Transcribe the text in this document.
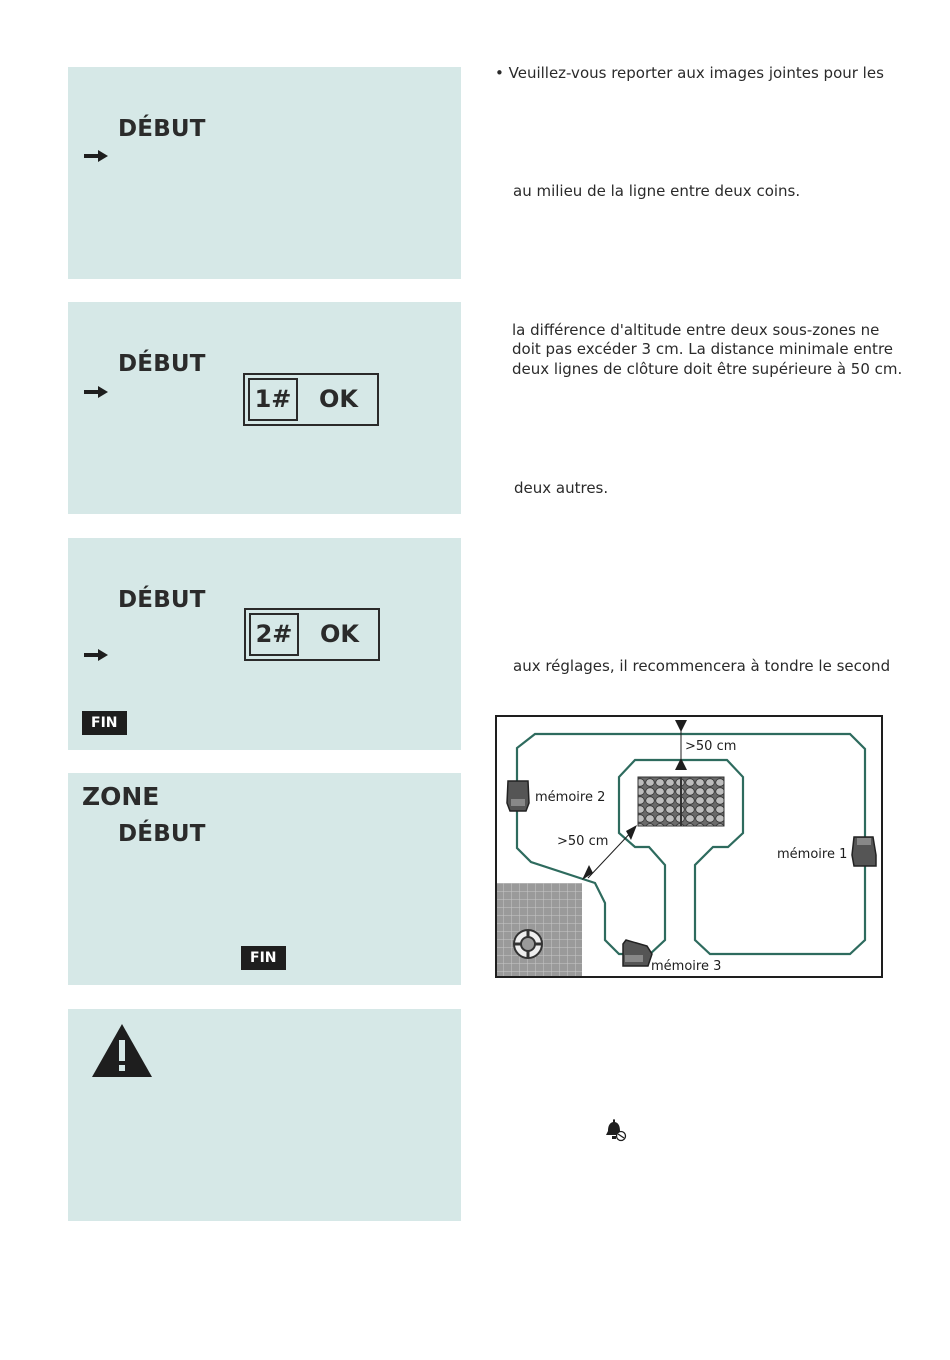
DÉBUT
DÉBUT
1# OK
DÉBUT
2# OK
FIN
ZONE
DÉBUT
FIN
• Veuillez-vous reporter aux images jointes pour les
au milieu de la ligne entre deux coins.
la différence d'altitude entre deux sous-zones ne
doit pas excéder 3 cm. La distance minimale entre
deux lignes de clôture doit être supérieure à 50 cm.
deux autres.
aux réglages, il recommencera à tondre le second
>50 cm
>50 cm
mémoire 2
mémoire 1
mémoire 3
